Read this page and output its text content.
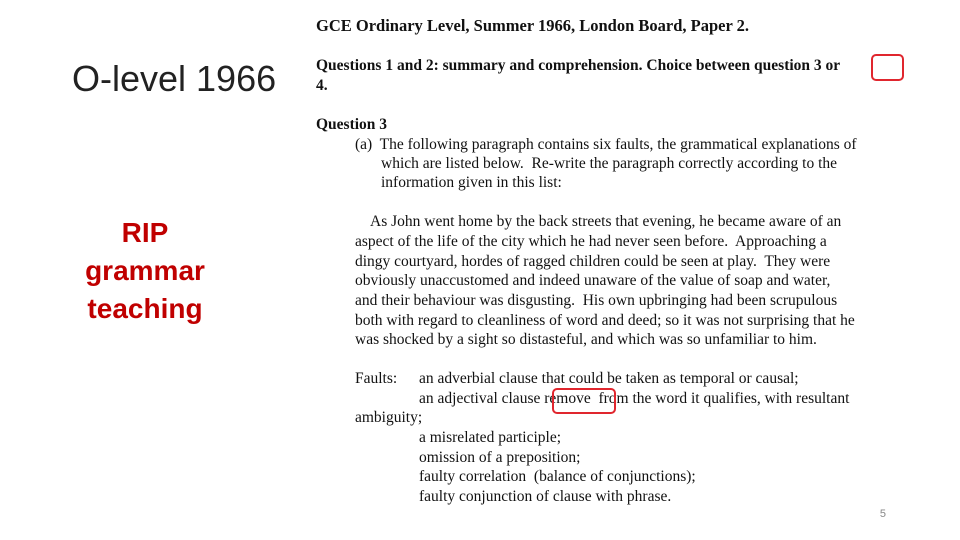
O-level 1966
RIP
grammar
teaching
GCE Ordinary Level, Summer 1966, London Board, Paper 2.
Questions 1 and 2: summary and comprehension. Choice between question 3 or
4.
Question 3
(a)  The following paragraph contains six faults, the grammatical explanations of
which are listed below.  Re-write the paragraph correctly according to the
information given in this list:
As John went home by the back streets that evening, he became aware of an
aspect of the life of the city which he had never seen before.  Approaching a
dingy courtyard, hordes of ragged children could be seen at play.  They were
obviously unaccustomed and indeed unaware of the value of soap and water,
and their behaviour was disgusting.  His own upbringing had been scrupulous
both with regard to cleanliness of word and deed; so it was not surprising that he
was shocked by a sight so distasteful, and which was so unfamiliar to him.
Faults: an adverbial clause that could be taken as temporal or causal;
an adjectival clause remove  from the word it qualifies, with resultant
ambiguity;
a misrelated participle;
omission of a preposition;
faulty correlation  (balance of conjunctions);
faulty conjunction of clause with phrase.
5
